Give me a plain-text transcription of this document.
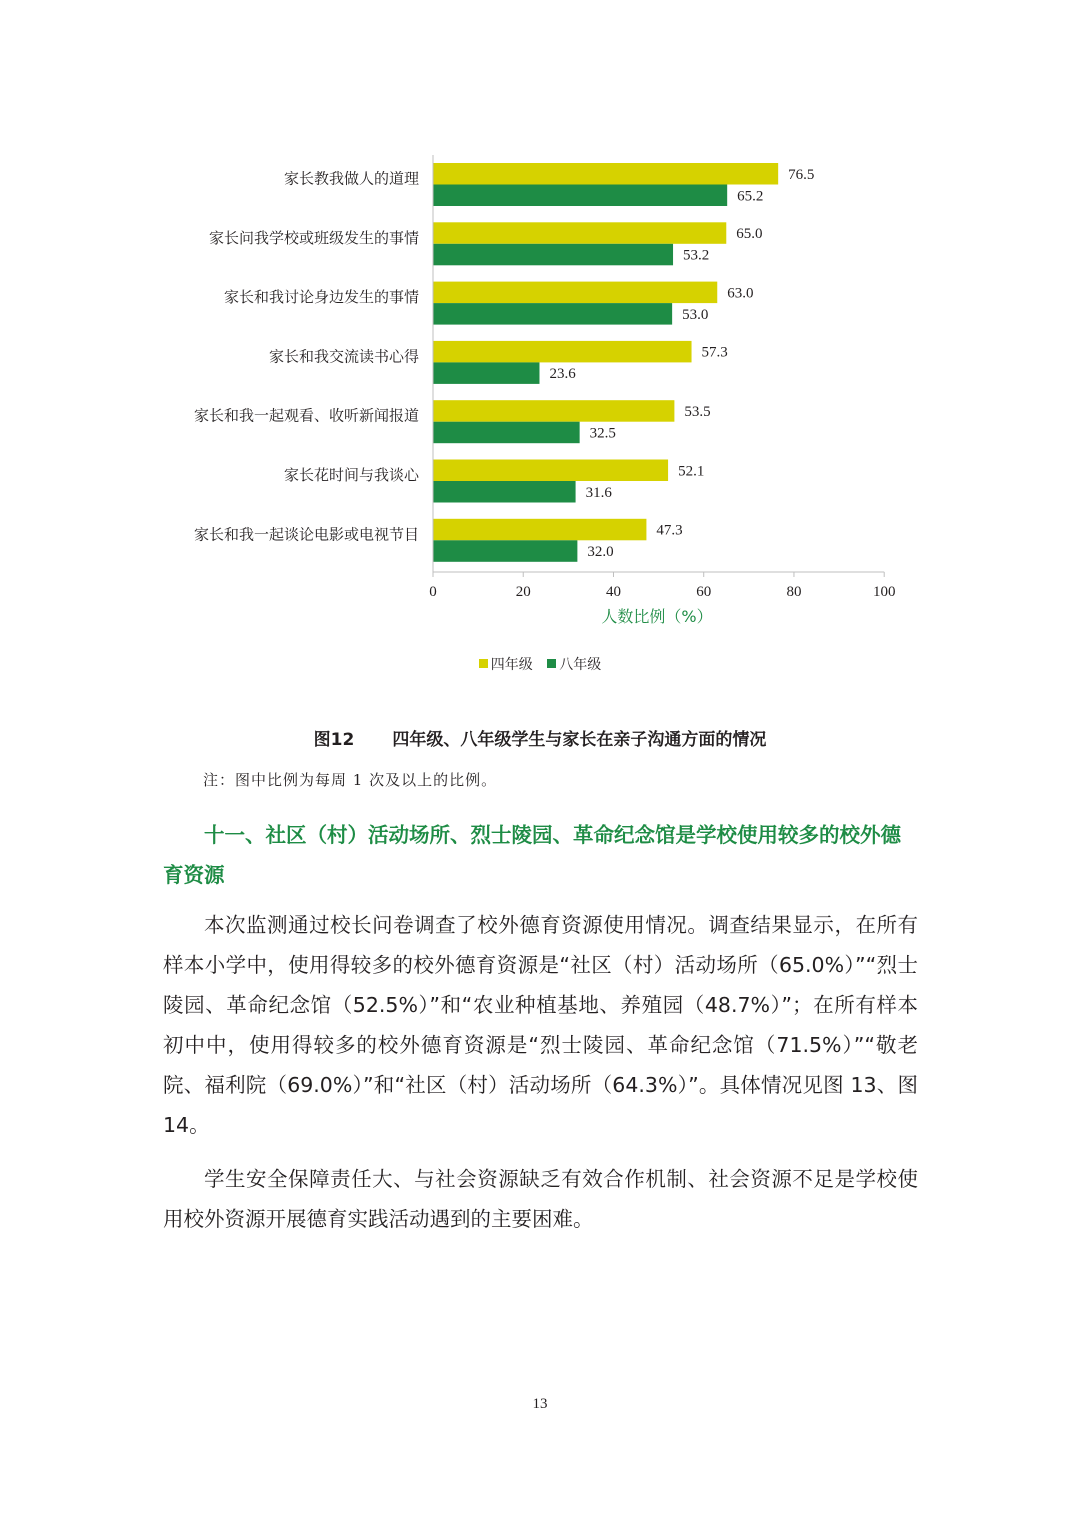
家长教我做人的道理	76.5
65.2
家长问我学校或班级发生的事情	65.0
53.2
家长和我讨论身边发生的事情	63.0
53.0
家长和我交流读书心得	57.3
23.6
家长和我一起观看、收听新闻报道	53.5
32.5
家长花时间与我谈心	52.1
31.6
家长和我一起谈论电影或电视节目	47.3
32.0
0	20	40	60	80	100
人数比例（%）
四年级 八年级
图12 四年级、八年级学生与家长在亲子沟通方面的情况
注：图中比例为每周 1 次及以上的比例。
十一、社区（村）活动场所、烈士陵园、革命纪念馆是学校使用较多的校外德育资源

本次监测通过校长问卷调查了校外德育资源使用情况。调查结果显示，在所有样本小学中，使用得较多的校外德育资源是“社区（村）活动场所（65.0%）”“烈士陵园、革命纪念馆（52.5%）”和“农业种植基地、养殖园（48.7%）”；在所有样本初中中，使用得较多的校外德育资源是“烈士陵园、革命纪念馆（71.5%）”“敬老院、福利院（69.0%）”和“社区（村）活动场所（64.3%）”。具体情况见图 13、图 14。

学生安全保障责任大、与社会资源缺乏有效合作机制、社会资源不足是学校使用校外资源开展德育实践活动遇到的主要困难。

13
